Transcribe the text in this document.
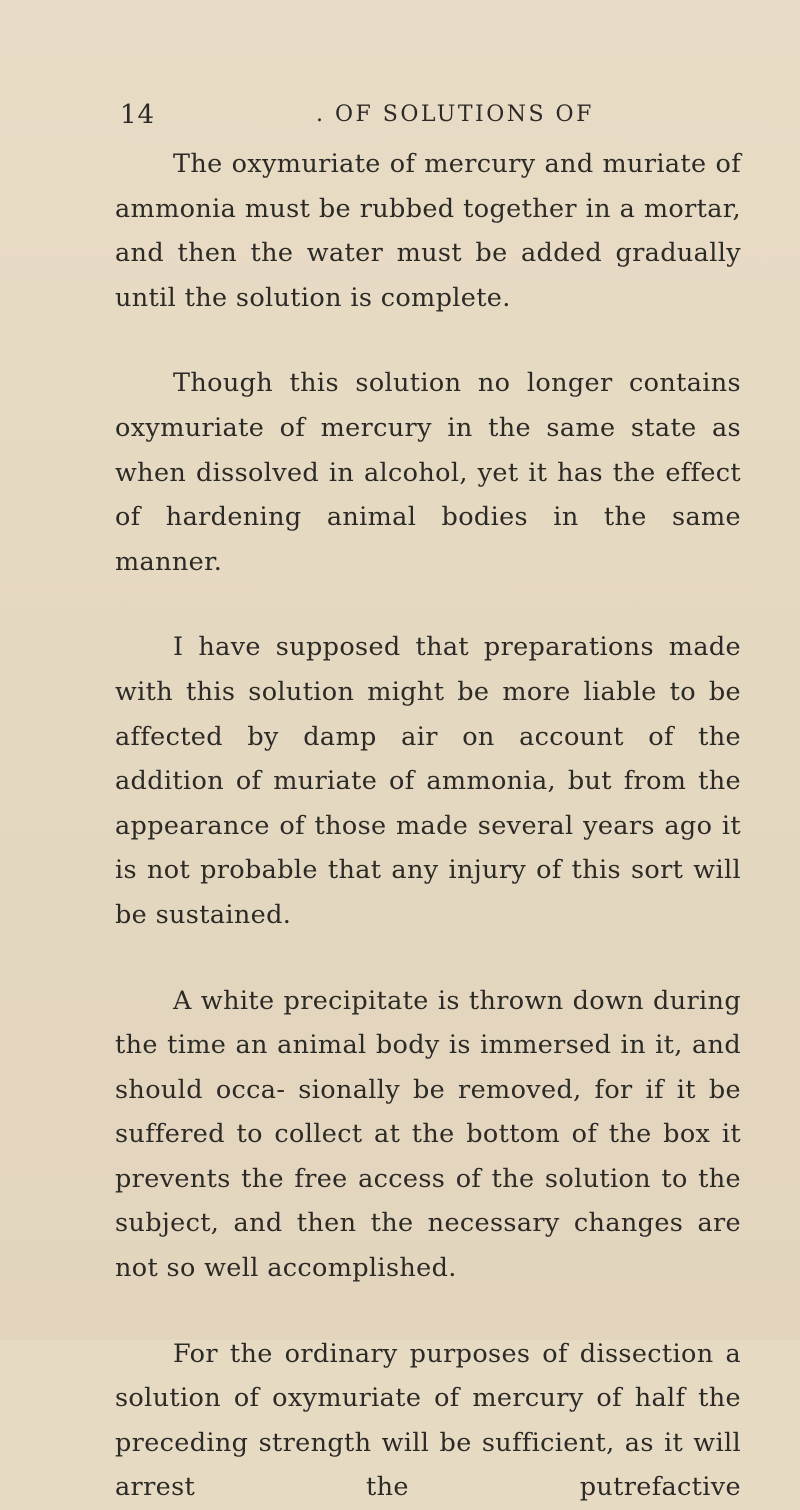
14	. OF SOLUTIONS OF

The oxymuriate of mercury and muriate of ammonia must be rubbed together in a mortar, and then the water must be added gradually until the solution is complete.

Though this solution no longer contains oxymuriate of mercury in the same state as when dissolved in alcohol, yet it has the effect of hardening animal bodies in the same manner.

I have supposed that preparations made with this solution might be more liable to be affected by damp air on account of the addition of muriate of ammonia, but from the appearance of those made several years ago it is not probable that any injury of this sort will be sustained.

A white precipitate is thrown down during the time an animal body is immersed in it, and should occa- sionally be removed, for if it be suffered to collect at the bottom of the box it prevents the free access of the solution to the subject, and then the necessary changes are not so well accomplished.

For the ordinary purposes of dissection a solution of oxymuriate of mercury of half the preceding strength will be sufficient, as it will arrest the putrefactive
